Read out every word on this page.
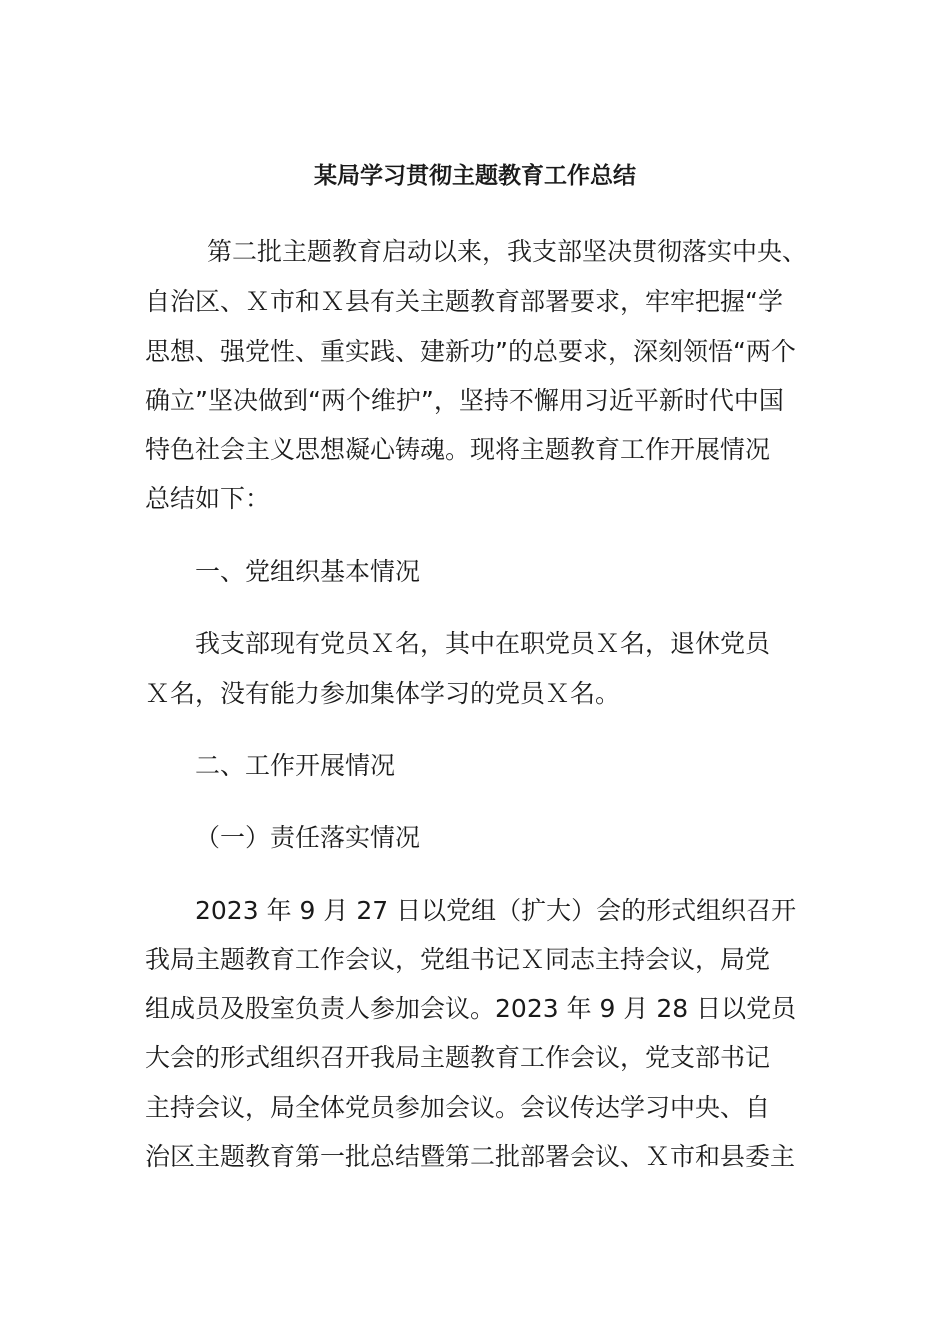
某局学习贯彻主题教育工作总结
第二批主题教育启动以来，我支部坚决贯彻落实中央、
自治区、Ｘ市和Ｘ县有关主题教育部署要求，牢牢把握“学
思想、强党性、重实践、建新功”的总要求，深刻领悟“两个
确立”坚决做到“两个维护”，坚持不懈用习近平新时代中国
特色社会主义思想凝心铸魂。现将主题教育工作开展情况
总结如下：
一、党组织基本情况
我支部现有党员Ｘ名，其中在职党员Ｘ名，退休党员
Ｘ名，没有能力参加集体学习的党员Ｘ名。
二、工作开展情况
（一）责任落实情况
2023 年 9 月 27 日以党组（扩大）会的形式组织召开
我局主题教育工作会议，党组书记Ｘ同志主持会议，局党
组成员及股室负责人参加会议。2023 年 9 月 28 日以党员
大会的形式组织召开我局主题教育工作会议，党支部书记
主持会议，局全体党员参加会议。会议传达学习中央、自
治区主题教育第一批总结暨第二批部署会议、Ｘ市和县委主
